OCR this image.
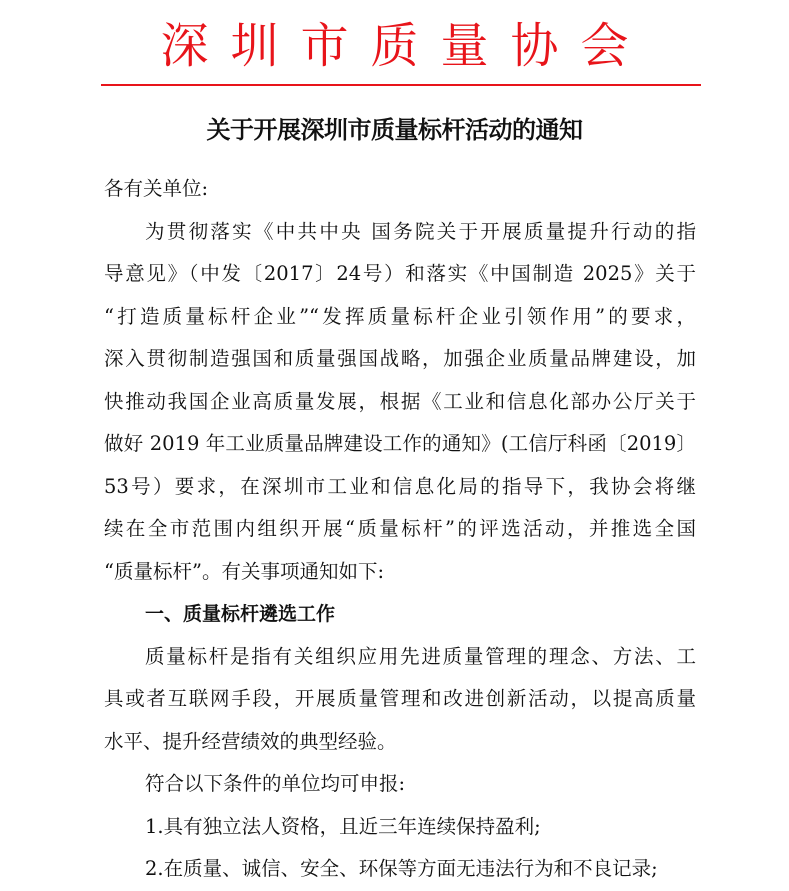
深圳市质量协会
关于开展深圳市质量标杆活动的通知
各有关单位:
为贯彻落实《中共中央 国务院关于开展质量提升行动的指
导意见》（中发〔2017〕24号）和落实《中国制造 2025》关于
“打造质量标杆企业”“发挥质量标杆企业引领作用”的要求，
深入贯彻制造强国和质量强国战略，加强企业质量品牌建设，加
快推动我国企业高质量发展，根据《工业和信息化部办公厅关于
做好 2019 年工业质量品牌建设工作的通知》(工信厅科函〔2019〕
53号）要求，在深圳市工业和信息化局的指导下，我协会将继
续在全市范围内组织开展“质量标杆”的评选活动，并推选全国
“质量标杆”。有关事项通知如下:
一、质量标杆遴选工作
质量标杆是指有关组织应用先进质量管理的理念、方法、工
具或者互联网手段，开展质量管理和改进创新活动，以提高质量
水平、提升经营绩效的典型经验。
符合以下条件的单位均可申报:
1.具有独立法人资格，且近三年连续保持盈利;
2.在质量、诚信、安全、环保等方面无违法行为和不良记录;
